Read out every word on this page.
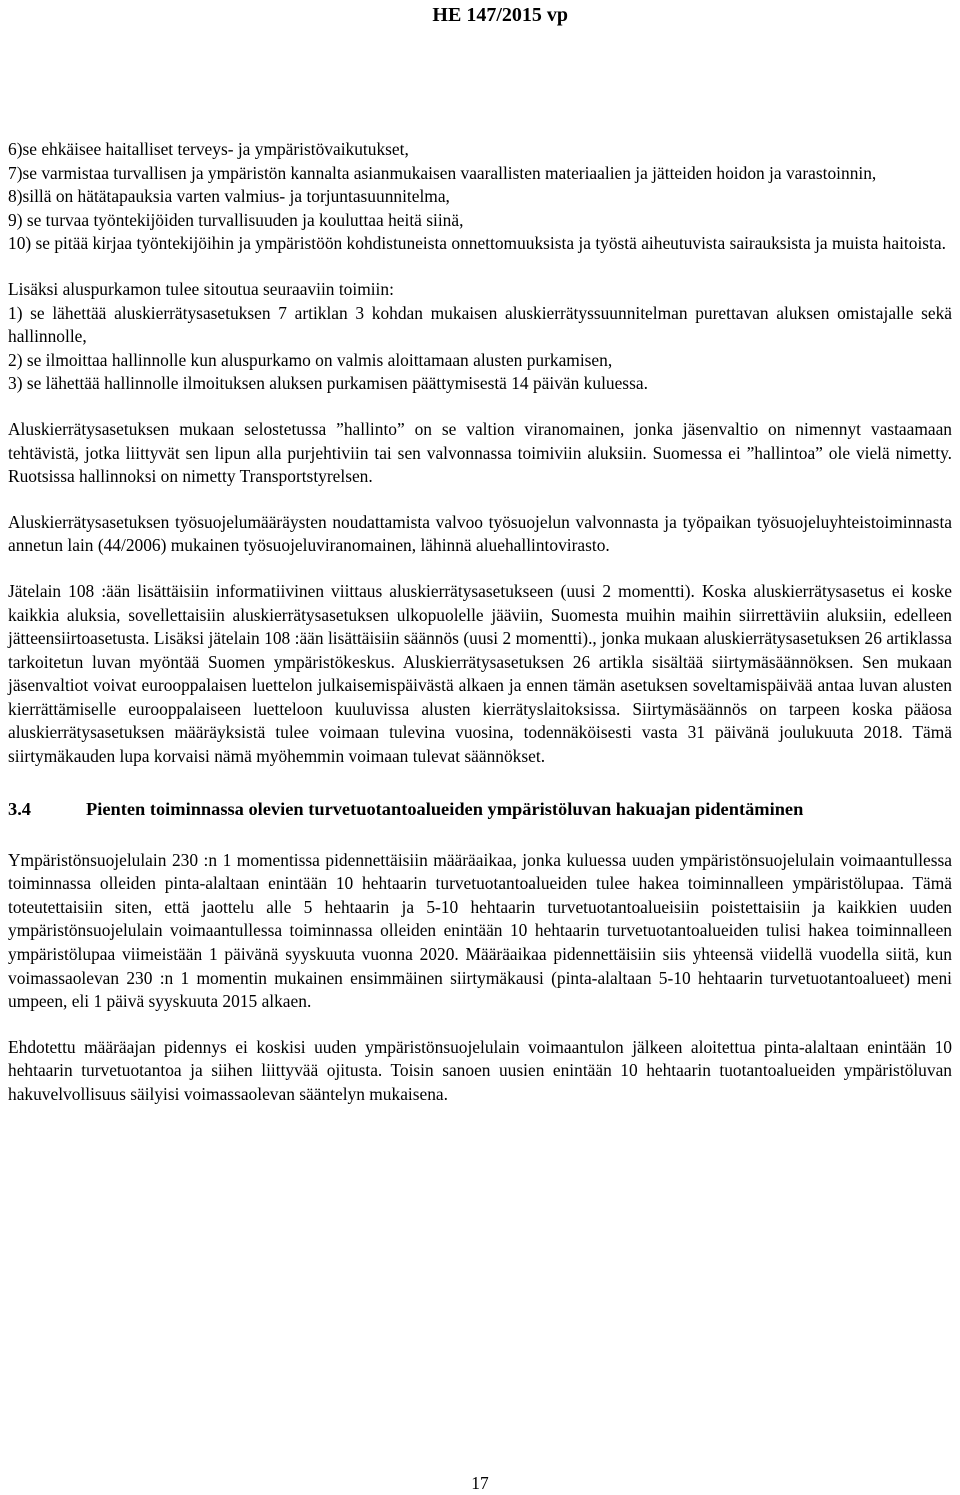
HE 147/2015 vp
6)se ehkäisee haitalliset terveys- ja ympäristövaikutukset,
7)se varmistaa turvallisen ja ympäristön kannalta asianmukaisen vaarallisten materiaalien ja jätteiden hoidon ja varastoinnin,
8)sillä on hätätapauksia varten valmius- ja torjuntasuunnitelma,
9) se turvaa työntekijöiden turvallisuuden ja kouluttaa heitä siinä,
10) se pitää kirjaa työntekijöihin ja ympäristöön kohdistuneista onnettomuuksista ja työstä aiheutuvista sairauksista ja muista haitoista.
Lisäksi aluspurkamon tulee sitoutua seuraaviin toimiin:
1) se lähettää aluskierrätysasetuksen 7 artiklan 3 kohdan mukaisen aluskierrätyssuunnitelman purettavan aluksen omistajalle sekä hallinnolle,
2) se ilmoittaa hallinnolle kun aluspurkamo on valmis aloittamaan alusten purkamisen,
3) se lähettää hallinnolle ilmoituksen aluksen purkamisen päättymisestä 14 päivän kuluessa.

Aluskierrätysasetuksen mukaan selostetussa ”hallinto” on se valtion viranomainen, jonka jäsenvaltio on nimennyt vastaamaan tehtävistä, jotka liittyvät sen lipun alla purjehtiviin tai sen valvonnassa toimiviin aluksiin. Suomessa ei ”hallintoa” ole vielä nimetty. Ruotsissa hallinnoksi on nimetty Transportstyrelsen.

Aluskierrätysasetuksen työsuojelumääräysten noudattamista valvoo työsuojelun valvonnasta ja työpaikan työsuojeluyhteistoiminnasta annetun lain (44/2006) mukainen työsuojeluviranomainen, lähinnä aluehallintovirasto.

Jätelain 108 :ään lisättäisiin informatiivinen viittaus aluskierrätysasetukseen (uusi 2 momentti). Koska aluskierrätysasetus ei koske kaikkia aluksia, sovellettaisiin aluskierrätysasetuksen ulkopuolelle jääviin, Suomesta muihin maihin siirrettäviin aluksiin, edelleen jätteensiirtoasetusta. Lisäksi jätelain 108 :ään lisättäisiin säännös (uusi 2 momentti)., jonka mukaan aluskierrätysasetuksen 26 artiklassa tarkoitetun luvan myöntää Suomen ympäristökeskus. Aluskierrätysasetuksen 26 artikla sisältää siirtymäsäännöksen. Sen mukaan jäsenvaltiot voivat eurooppalaisen luettelon julkaisemispäivästä alkaen ja ennen tämän asetuksen soveltamispäivää antaa luvan alusten kierrättämiselle eurooppalaiseen luetteloon kuuluvissa alusten kierrätyslaitoksissa. Siirtymäsäännös on tarpeen koska pääosa aluskierrätysasetuksen määräyksistä tulee voimaan tulevina vuosina, todennäköisesti vasta 31 päivänä joulukuuta 2018. Tämä siirtymäkauden lupa korvaisi nämä myöhemmin voimaan tulevat säännökset.

3.4	Pienten toiminnassa olevien turvetuotantoalueiden ympäristöluvan hakuajan pidentäminen

Ympäristönsuojelulain 230 :n 1 momentissa pidennettäisiin määräaikaa, jonka kuluessa uuden ympäristönsuojelulain voimaantullessa toiminnassa olleiden pinta-alaltaan enintään 10 hehtaarin turvetuotantoalueiden tulee hakea toiminnalleen ympäristölupaa. Tämä toteutettaisiin siten, että jaottelu alle 5 hehtaarin ja 5-10 hehtaarin turvetuotantoalueisiin poistettaisiin ja kaikkien uuden ympäristönsuojelulain voimaantullessa toiminnassa olleiden enintään 10 hehtaarin turvetuotantoalueiden tulisi hakea toiminnalleen ympäristölupaa viimeistään 1 päivänä syyskuuta vuonna 2020. Määräaikaa pidennettäisiin siis yhteensä viidellä vuodella siitä, kun voimassaolevan 230 :n 1 momentin mukainen ensimmäinen siirtymäkausi (pinta-alaltaan 5-10 hehtaarin turvetuotantoalueet) meni umpeen, eli 1 päivä syyskuuta 2015 alkaen.

Ehdotettu määräajan pidennys ei koskisi uuden ympäristönsuojelulain voimaantulon jälkeen aloitettua pinta-alaltaan enintään 10 hehtaarin turvetuotantoa ja siihen liittyvää ojitusta. Toisin sanoen uusien enintään 10 hehtaarin tuotantoalueiden ympäristöluvan hakuvelvollisuus säilyisi voimassaolevan sääntelyn mukaisena.

17
